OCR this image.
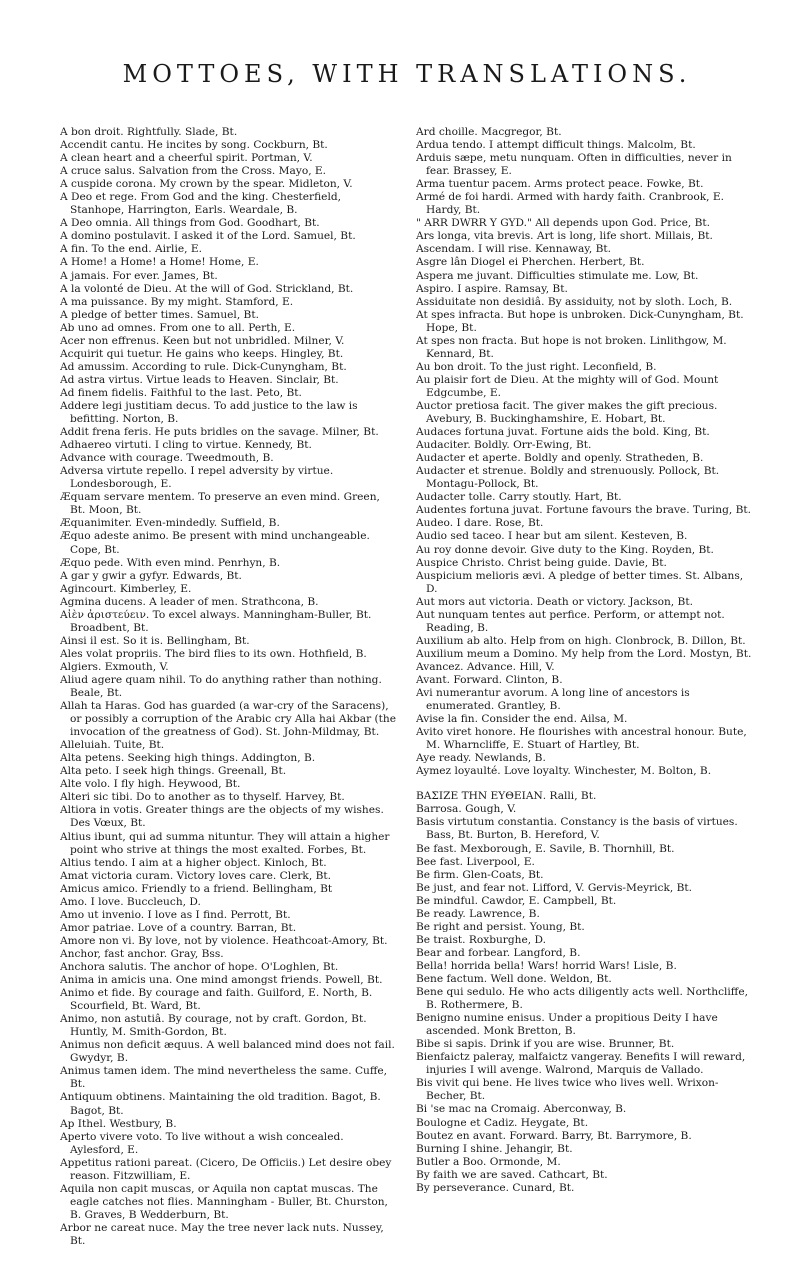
MOTTOES, WITH TRANSLATIONS.

A bon droit. Rightfully. Slade, Bt.

Accendit cantu. He incites by song. Cockburn, Bt.

A clean heart and a cheerful spirit. Portman, V.

A cruce salus. Salvation from the Cross. Mayo, E.

A cuspide corona. My crown by the spear. Midleton, V.

A Deo et rege. From God and the king. Chesterfield, Stanhope, Harrington, Earls. Weardale, B.

A Deo omnia. All things from God. Goodhart, Bt.

A domino postulavit. I asked it of the Lord. Samuel, Bt.

A fin. To the end. Airlie, E.

A Home! a Home! a Home! Home, E.

A jamais. For ever. James, Bt.

A la volonté de Dieu. At the will of God. Strickland, Bt.

A ma puissance. By my might. Stamford, E.

A pledge of better times. Samuel, Bt.

Ab uno ad omnes. From one to all. Perth, E.

Acer non effrenus. Keen but not unbridled. Milner, V.

Acquirit qui tuetur. He gains who keeps. Hingley, Bt.

Ad amussim. According to rule. Dick-Cunyngham, Bt.

Ad astra virtus. Virtue leads to Heaven. Sinclair, Bt.

Ad finem fidelis. Faithful to the last. Peto, Bt.

Addere legi justitiam decus. To add justice to the law is befitting. Norton, B.

Addit frena feris. He puts bridles on the savage. Milner, Bt.

Adhaereo virtuti. I cling to virtue. Kennedy, Bt.

Advance with courage. Tweedmouth, B.

Adversa virtute repello. I repel adversity by virtue. Londesborough, E.

Æquam servare mentem. To preserve an even mind. Green, Bt. Moon, Bt.

Æquanimiter. Even-mindedly. Suffield, B.

Æquo adeste animo. Be present with mind unchangeable. Cope, Bt.

Æquo pede. With even mind. Penrhyn, B.

A gar y gwir a gyfyr. Edwards, Bt.

Agincourt. Kimberley, E.

Agmina ducens. A leader of men. Strathcona, B.

Αἰὲν ἀριστεύειν. To excel always. Manningham-Buller, Bt. Broadbent, Bt.

Ainsi il est. So it is. Bellingham, Bt.

Ales volat propriis. The bird flies to its own. Hothfield, B.

Algiers. Exmouth, V.

Aliud agere quam nihil. To do anything rather than nothing. Beale, Bt.

Allah ta Haras. God has guarded (a war-cry of the Saracens), or possibly a corruption of the Arabic cry Alla hai Akbar (the invocation of the greatness of God). St. John-Mildmay, Bt.

Alleluiah. Tuite, Bt.

Alta petens. Seeking high things. Addington, B.

Alta peto. I seek high things. Greenall, Bt.

Alte volo. I fly high. Heywood, Bt.

Alteri sic tibi. Do to another as to thyself. Harvey, Bt.

Altiora in votis. Greater things are the objects of my wishes. Des Vœux, Bt.

Altius ibunt, qui ad summa nituntur. They will attain a higher point who strive at things the most exalted. Forbes, Bt.

Altius tendo. I aim at a higher object. Kinloch, Bt.

Amat victoria curam. Victory loves care. Clerk, Bt.

Amicus amico. Friendly to a friend. Bellingham, Bt

Amo. I love. Buccleuch, D.

Amo ut invenio. I love as I find. Perrott, Bt.

Amor patriae. Love of a country. Barran, Bt.

Amore non vi. By love, not by violence. Heathcoat-Amory, Bt.

Anchor, fast anchor. Gray, Bss.

Anchora salutis. The anchor of hope. O'Loghlen, Bt.

Anima in amicis una. One mind amongst friends. Powell, Bt.

Animo et fide. By courage and faith. Guilford, E. North, B. Scourfield, Bt. Ward, Bt.

Animo, non astutiâ. By courage, not by craft. Gordon, Bt. Huntly, M. Smith-Gordon, Bt.

Animus non deficit æquus. A well balanced mind does not fail. Gwydyr, B.

Animus tamen idem. The mind nevertheless the same. Cuffe, Bt.

Antiquum obtinens. Maintaining the old tradition. Bagot, B. Bagot, Bt.

Ap Ithel. Westbury, B.

Aperto vivere voto. To live without a wish concealed. Aylesford, E.

Appetitus rationi pareat. (Cicero, De Officiis.) Let desire obey reason. Fitzwilliam, E.

Aquila non capit muscas, or Aquila non captat muscas. The eagle catches not flies. Manningham - Buller, Bt. Churston, B. Graves, B Wedderburn, Bt.

Arbor ne careat nuce. May the tree never lack nuts. Nussey, Bt.

Ard choille. Macgregor, Bt.

Arduа tendo. I attempt difficult things. Malcolm, Bt.

Arduis sæpe, metu nunquam. Often in difficulties, never in fear. Brassey, E.

Arma tuentur pacem. Arms protect peace. Fowke, Bt.

Armé de foi hardi. Armed with hardy faith. Cranbrook, E. Hardy, Bt.

" ARR DWRR Y GYD." All depends upon God. Price, Bt.

Ars longa, vita brevis. Art is long, life short. Millais, Bt.

Ascendam. I will rise. Kennaway, Bt.

Asgre lân Diogel ei Pherchen. Herbert, Bt.

Aspera me juvant. Difficulties stimulate me. Low, Bt.

Aspiro. I aspire. Ramsay, Bt.

Assiduitate non desidiâ. By assiduity, not by sloth. Loch, B.

At spes infracta. But hope is unbroken. Dick-Cunyngham, Bt. Hope, Bt.

At spes non fracta. But hope is not broken. Linlithgow, M. Kennard, Bt.

Au bon droit. To the just right. Leconfield, B.

Au plaisir fort de Dieu. At the mighty will of God. Mount Edgcumbe, E.

Auctor pretiosa facit. The giver makes the gift precious. Avebury, B. Buckinghamshire, E. Hobart, Bt.

Audaces fortuna juvat. Fortune aids the bold. King, Bt.

Audaciter. Boldly. Orr-Ewing, Bt.

Audacter et aperte. Boldly and openly. Stratheden, B.

Audacter et strenue. Boldly and strenuously. Pollock, Bt. Montagu-Pollock, Bt.

Audacter tolle. Carry stoutly. Hart, Bt.

Audentes fortuna juvat. Fortune favours the brave. Turing, Bt.

Audeo. I dare. Rose, Bt.

Audio sed taceo. I hear but am silent. Kesteven, B.

Au roy donne devoir. Give duty to the King. Royden, Bt.

Auspice Christo. Christ being guide. Davie, Bt.

Auspicium melioris ævi. A pledge of better times. St. Albans, D.

Aut mors aut victoria. Death or victory. Jackson, Bt.

Aut nunquam tentes aut perfice. Perform, or attempt not. Reading, B.

Auxilium ab alto. Help from on high. Clonbrock, B. Dillon, Bt.

Auxilium meum a Domino. My help from the Lord. Mostyn, Bt.

Avancez. Advance. Hill, V.

Avant. Forward. Clinton, B.

Avi numerantur avorum. A long line of ancestors is enumerated. Grantley, B.

Avise la fin. Consider the end. Ailsa, M.

Avito viret honore. He flourishes with ancestral honour. Bute, M. Wharncliffe, E. Stuart of Hartley, Bt.

Aye ready. Newlands, B.

Aymez loyaulté. Love loyalty. Winchester, M. Bolton, B.

ΒΑΣΙΖΕ ΤΗΝ ΕΥΘΕΙΑΝ. Ralli, Bt.

Barrosa. Gough, V.

Basis virtutum constantia. Constancy is the basis of virtues. Bass, Bt. Burton, B. Hereford, V.

Be fast. Mexborough, E. Savile, B. Thornhill, Bt.

Bee fast. Liverpool, E.

Be firm. Glen-Coats, Bt.

Be just, and fear not. Lifford, V. Gervis-Meyrick, Bt.

Be mindful. Cawdor, E. Campbell, Bt.

Be ready. Lawrence, B.

Be right and persist. Young, Bt.

Be traist. Roxburghe, D.

Bear and forbear. Langford, B.

Bella! horrida bella! Wars! horrid Wars! Lisle, B.

Bene factum. Well done. Weldon, Bt.

Bene qui sedulo. He who acts diligently acts well. Northcliffe, B. Rothermere, B.

Benigno numine enisus. Under a propitious Deity I have ascended. Monk Bretton, B.

Bibe si sapis. Drink if you are wise. Brunner, Bt.

Bienfaictz paleray, malfaictz vangeray. Benefits I will reward, injuries I will avenge. Walrond, Marquis de Vallado.

Bis vivit qui bene. He lives twice who lives well. Wrixon-Becher, Bt.

Bi 'se mac na Cromaig. Aberconway, B.

Boulogne et Cadiz. Heygate, Bt.

Boutez en avant. Forward. Barry, Bt. Barrymore, B.

Burning I shine. Jehangir, Bt.

Butler a Boo. Ormonde, M.

By faith we are saved. Cathcart, Bt.

By perseverance. Cunard, Bt.
